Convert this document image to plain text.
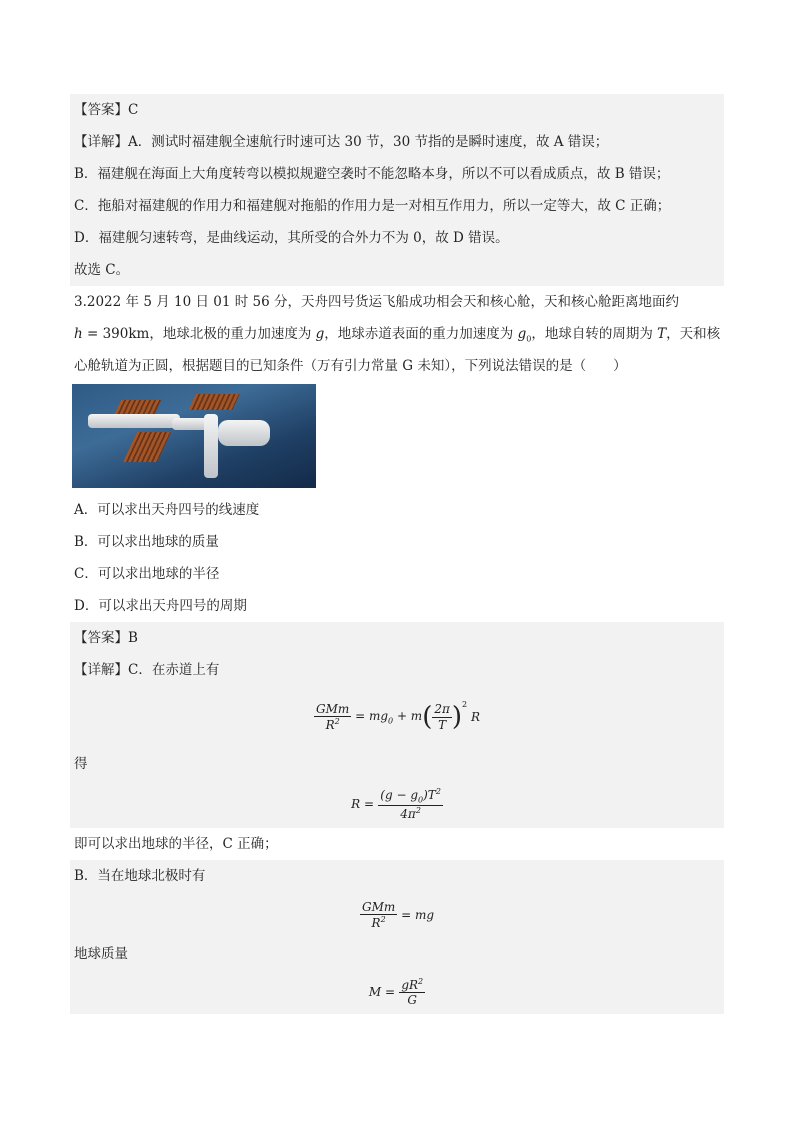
【答案】C
【详解】A．测试时福建舰全速航行时速可达 30 节，30 节指的是瞬时速度，故 A 错误；
B．福建舰在海面上大角度转弯以模拟规避空袭时不能忽略本身，所以不可以看成质点，故 B 错误；
C．拖船对福建舰的作用力和福建舰对拖船的作用力是一对相互作用力，所以一定等大，故 C 正确；
D．福建舰匀速转弯，是曲线运动，其所受的合外力不为 0，故 D 错误。
故选 C。
3.2022 年 5 月 10 日 01 时 56 分，天舟四号货运飞船成功相会天和核心舱，天和核心舱距离地面约
h = 390km，地球北极的重力加速度为 g，地球赤道表面的重力加速度为 $g_0$，地球自转的周期为 T，天和核
心舱轨道为正圆，根据题目的已知条件（万有引力常量 G 未知），下列说法错误的是（　　）
A．可以求出天舟四号的线速度
B．可以求出地球的质量
C．可以求出地球的半径
D．可以求出天舟四号的周期
【答案】B
【详解】C．在赤道上有
$\frac{\text{GMm}}{R^2} = mg_0 + m$ ( $\frac{2\pi}{T} )^2$
R
得
R =
$\frac{(g - g_0)T^2}{4\pi^2}$
即可以求出地球的半径，C 正确；
B．当在地球北极时有
$\frac{\text{GMm}}{R^2}$ = mg
地球质量
M =
$\frac{gR^2}{G}$
